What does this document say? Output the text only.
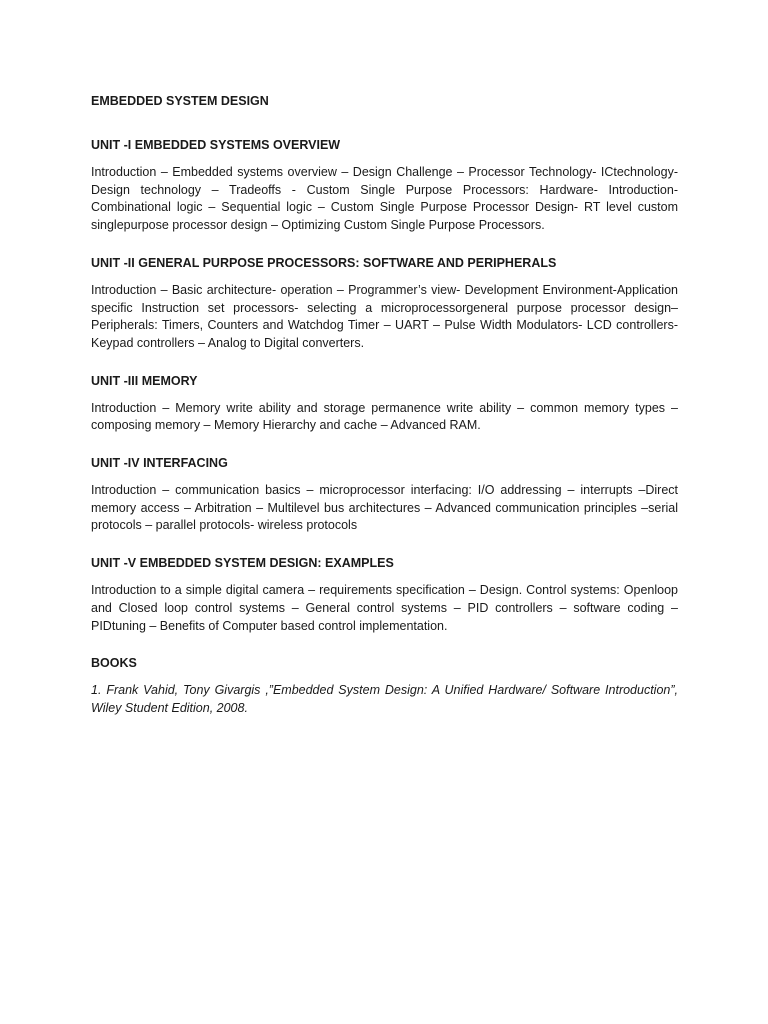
EMBEDDED SYSTEM DESIGN
UNIT -I EMBEDDED SYSTEMS OVERVIEW

Introduction – Embedded systems overview – Design Challenge – Processor Technology- ICtechnology- Design technology – Tradeoffs - Custom Single Purpose Processors: Hardware- Introduction-Combinational logic – Sequential logic – Custom Single Purpose Processor Design- RT level custom singlepurpose processor design – Optimizing Custom Single Purpose Processors.

UNIT -II GENERAL PURPOSE PROCESSORS: SOFTWARE AND PERIPHERALS

Introduction – Basic architecture- operation – Programmer’s view- Development Environment-Application specific Instruction set processors- selecting a microprocessorgeneral purpose processor design– Peripherals: Timers, Counters and Watchdog Timer – UART – Pulse Width Modulators- LCD controllers-Keypad controllers – Analog to Digital converters.

UNIT -III MEMORY

Introduction – Memory write ability and storage permanence write ability – common memory types –composing memory – Memory Hierarchy and cache – Advanced RAM.

UNIT -IV INTERFACING

Introduction – communication basics – microprocessor interfacing: I/O addressing – interrupts –Direct memory access – Arbitration – Multilevel bus architectures – Advanced communication principles –serial protocols – parallel protocols- wireless protocols

UNIT -V EMBEDDED SYSTEM DESIGN: EXAMPLES

Introduction to a simple digital camera – requirements specification – Design. Control systems: Openloop and Closed loop control systems – General control systems – PID controllers – software coding – PIDtuning – Benefits of Computer based control implementation.

BOOKS

1. Frank Vahid, Tony Givargis ,”Embedded System Design: A Unified Hardware/ Software Introduction”, Wiley Student Edition, 2008.
